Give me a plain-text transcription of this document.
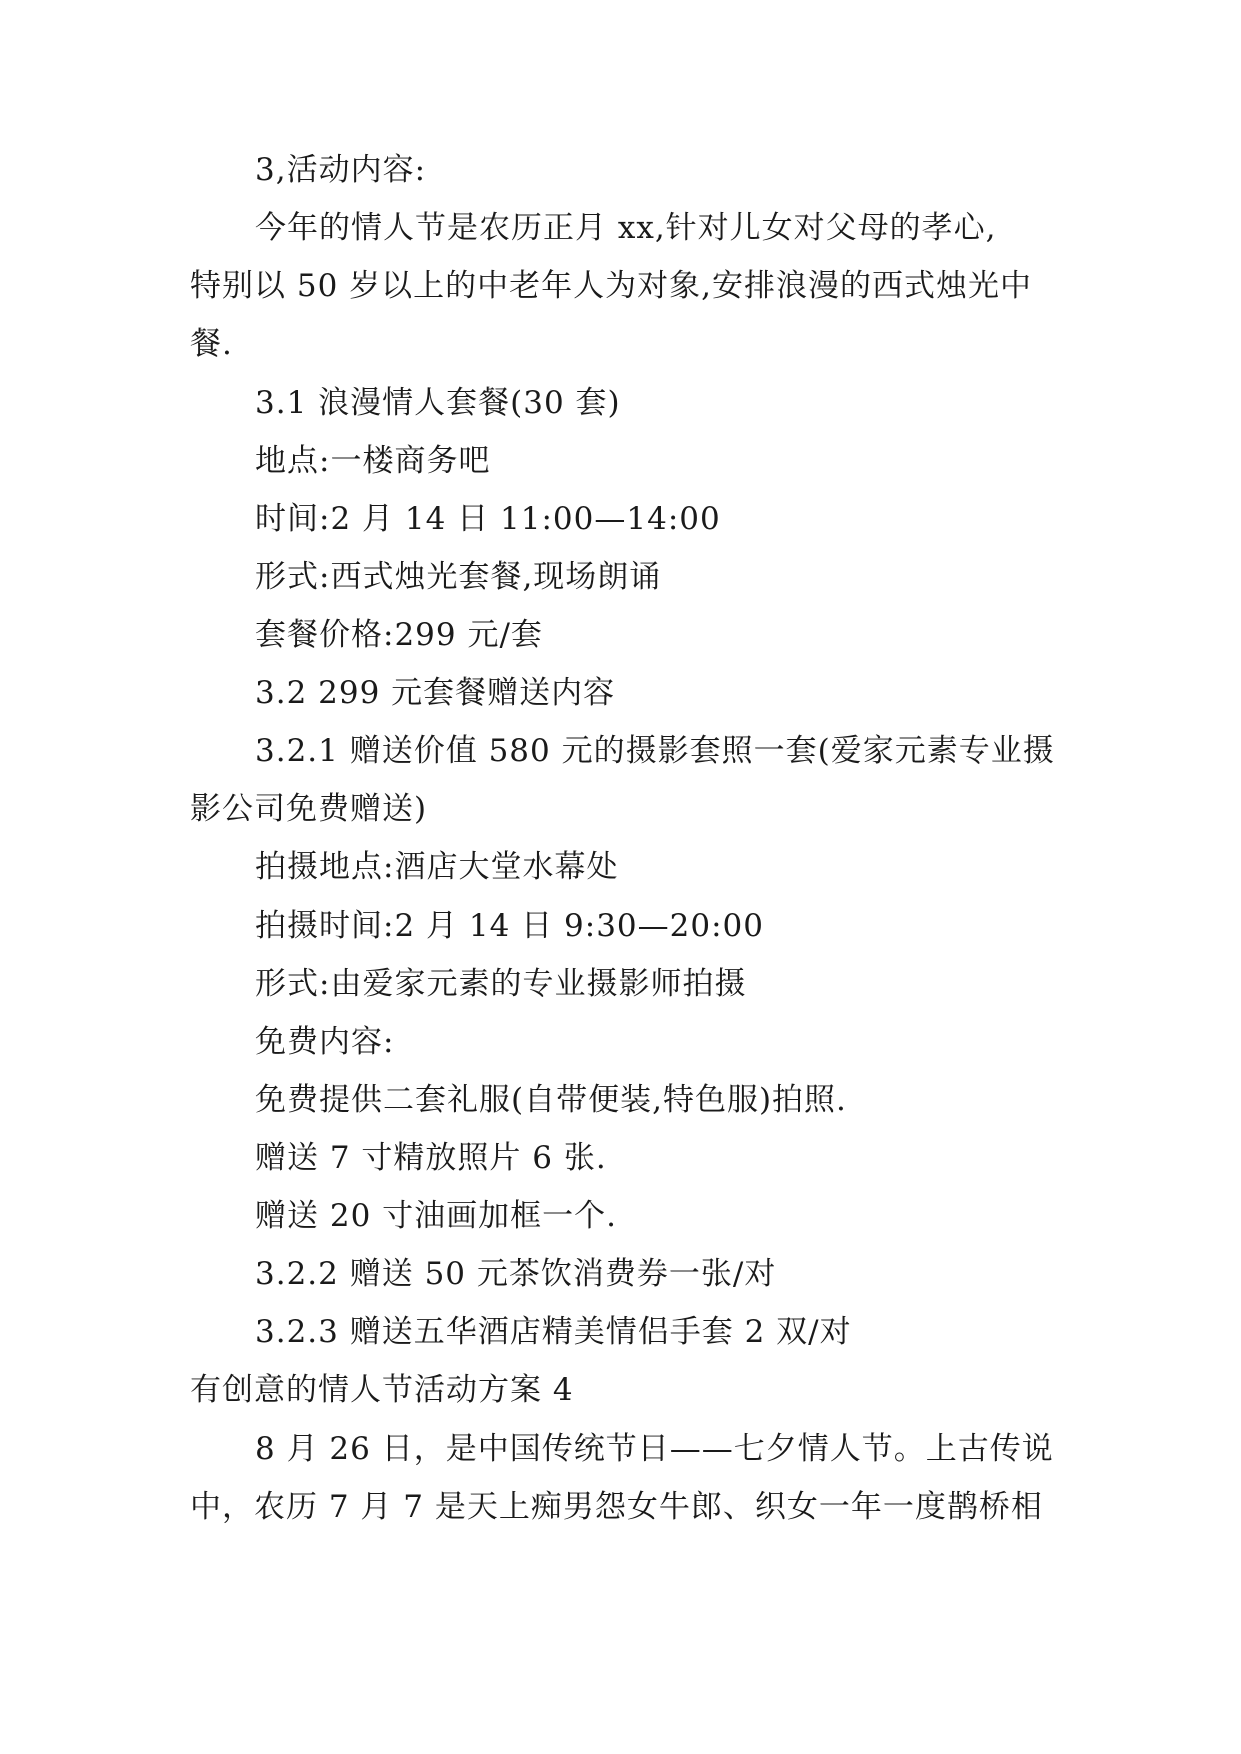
3,活动内容:
今年的情人节是农历正月 xx,针对儿女对父母的孝心,
特别以 50 岁以上的中老年人为对象,安排浪漫的西式烛光中
餐.
3.1 浪漫情人套餐(30 套)
地点:一楼商务吧
时间:2 月 14 日 11:00—14:00
形式:西式烛光套餐,现场朗诵
套餐价格:299 元/套
3.2 299 元套餐赠送内容
3.2.1 赠送价值 580 元的摄影套照一套(爱家元素专业摄
影公司免费赠送)
拍摄地点:酒店大堂水幕处
拍摄时间:2 月 14 日 9:30—20:00
形式:由爱家元素的专业摄影师拍摄
免费内容:
免费提供二套礼服(自带便装,特色服)拍照.
赠送 7 寸精放照片 6 张.
赠送 20 寸油画加框一个.
3.2.2 赠送 50 元茶饮消费券一张/对
3.2.3 赠送五华酒店精美情侣手套 2 双/对
有创意的情人节活动方案 4
8 月 26 日，是中国传统节日——七夕情人节。上古传说
中，农历 7 月 7 是天上痴男怨女牛郎、织女一年一度鹊桥相
